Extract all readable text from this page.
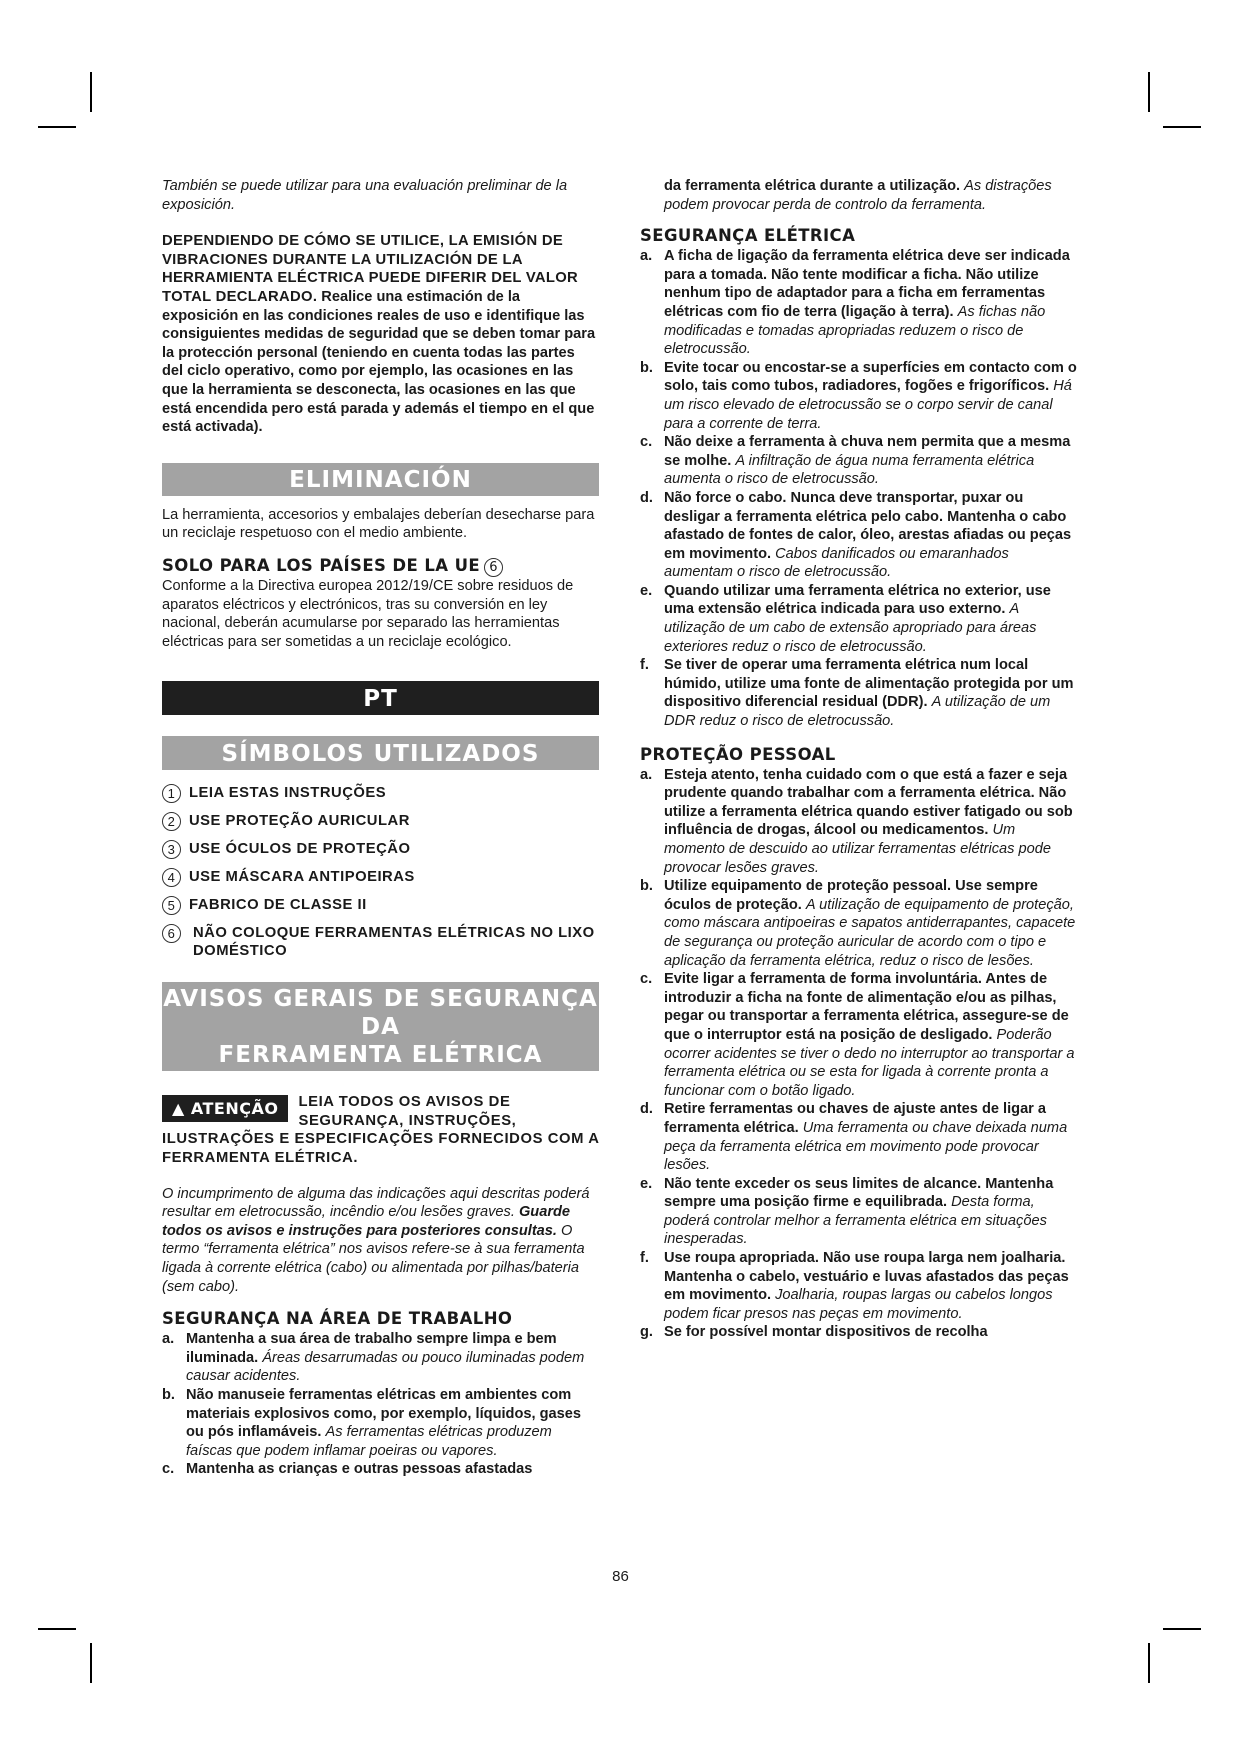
También se puede utilizar para una evaluación preliminar de la exposición.

DEPENDIENDO DE CÓMO SE UTILICE, LA EMISIÓN DE VIBRACIONES DURANTE LA UTILIZACIÓN DE LA HERRAMIENTA ELÉCTRICA PUEDE DIFERIR DEL VALOR TOTAL DECLARADO. Realice una estimación de la exposición en las condiciones reales de uso e identifique las consiguientes medidas de seguridad que se deben tomar para la protección personal (teniendo en cuenta todas las partes del ciclo operativo, como por ejemplo, las ocasiones en las que la herramienta se desconecta, las ocasiones en las que está encendida pero está parada y además el tiempo en el que está activada).

ELIMINACIÓN

La herramienta, accesorios y embalajes deberían desecharse para un reciclaje respetuoso con el medio ambiente.

SOLO PARA LOS PAÍSES DE LA UE 6

Conforme a la Directiva europea 2012/19/CE sobre residuos de aparatos eléctricos y electrónicos, tras su conversión en ley nacional, deberán acumularse por separado las herramientas eléctricas para ser sometidas a un reciclaje ecológico.

PT
SÍMBOLOS UTILIZADOS
1 LEIA ESTAS INSTRUÇÕES
2 USE PROTEÇÃO AURICULAR
3 USE ÓCULOS DE PROTEÇÃO
4 USE MÁSCARA ANTIPOEIRAS
5 FABRICO DE CLASSE II
6	NÃO COLOQUE FERRAMENTAS ELÉTRICAS NO LIXO DOMÉSTICO
AVISOS GERAIS DE SEGURANÇA DA
FERRAMENTA ELÉTRICA
▲ ATENÇÃO	LEIA TODOS OS AVISOS DE SEGURANÇA, INSTRUÇÕES, ILUSTRAÇÕES E ESPECIFICAÇÕES FORNECIDOS COM A FERRAMENTA ELÉTRICA.

O incumprimento de alguma das indicações aqui descritas poderá resultar em eletrocussão, incêndio e/ou lesões graves. Guarde todos os avisos e instruções para posteriores consultas. O termo “ferramenta elétrica” nos avisos refere-se à sua ferramenta ligada à corrente elétrica (cabo) ou alimentada por pilhas/bateria (sem cabo).

SEGURANÇA NA ÁREA DE TRABALHO
a. Mantenha a sua área de trabalho sempre limpa e bem iluminada. Áreas desarrumadas ou pouco iluminadas podem causar acidentes.
b. Não manuseie ferramentas elétricas em ambientes com materiais explosivos como, por exemplo, líquidos, gases ou pós inflamáveis. As ferramentas elétricas produzem faíscas que podem inflamar poeiras ou vapores.
c. Mantenha as crianças e outras pessoas afastadas

da ferramenta elétrica durante a utilização. As distrações podem provocar perda de controlo da ferramenta.

SEGURANÇA ELÉTRICA
a. A ficha de ligação da ferramenta elétrica deve ser indicada para a tomada. Não tente modificar a ficha. Não utilize nenhum tipo de adaptador para a ficha em ferramentas elétricas com fio de terra (ligação à terra). As fichas não modificadas e tomadas apropriadas reduzem o risco de eletrocussão.
b. Evite tocar ou encostar-se a superfícies em contacto com o solo, tais como tubos, radiadores, fogões e frigoríficos. Há um risco elevado de eletrocussão se o corpo servir de canal para a corrente de terra.
c. Não deixe a ferramenta à chuva nem permita que a mesma se molhe. A infiltração de água numa ferramenta elétrica aumenta o risco de eletrocussão.
d. Não force o cabo. Nunca deve transportar, puxar ou desligar a ferramenta elétrica pelo cabo. Mantenha o cabo afastado de fontes de calor, óleo, arestas afiadas ou peças em movimento. Cabos danificados ou emaranhados aumentam o risco de eletrocussão.
e. Quando utilizar uma ferramenta elétrica no exterior, use uma extensão elétrica indicada para uso externo. A utilização de um cabo de extensão apropriado para áreas exteriores reduz o risco de eletrocussão.
f.	Se tiver de operar uma ferramenta elétrica num local húmido, utilize uma fonte de alimentação protegida por um dispositivo diferencial residual (DDR). A utilização de um DDR reduz o risco de eletrocussão.
PROTEÇÃO PESSOAL
a. Esteja atento, tenha cuidado com o que está a fazer e seja prudente quando trabalhar com a ferramenta elétrica. Não utilize a ferramenta elétrica quando estiver fatigado ou sob influência de drogas, álcool ou medicamentos. Um momento de descuido ao utilizar ferramentas elétricas pode provocar lesões graves.
b. Utilize equipamento de proteção pessoal. Use sempre óculos de proteção. A utilização de equipamento de proteção, como máscara antipoeiras e sapatos antiderrapantes, capacete de segurança ou proteção auricular de acordo com o tipo e aplicação da ferramenta elétrica, reduz o risco de lesões.
c. Evite ligar a ferramenta de forma involuntária. Antes de introduzir a ficha na fonte de alimentação e/ou as pilhas, pegar ou transportar a ferramenta elétrica, assegure-se de que o interruptor está na posição de desligado. Poderão ocorrer acidentes se tiver o dedo no interruptor ao transportar a ferramenta elétrica ou se esta for ligada à corrente pronta a funcionar com o botão ligado.
d. Retire ferramentas ou chaves de ajuste antes de ligar a ferramenta elétrica. Uma ferramenta ou chave deixada numa peça da ferramenta elétrica em movimento pode provocar lesões.
e. Não tente exceder os seus limites de alcance. Mantenha sempre uma posição firme e equilibrada. Desta forma, poderá controlar melhor a ferramenta elétrica em situações inesperadas.
f.	Use roupa apropriada. Não use roupa larga nem joalharia. Mantenha o cabelo, vestuário e luvas afastados das peças em movimento. Joalharia, roupas largas ou cabelos longos podem ficar presos nas peças em movimento.
g. Se for possível montar dispositivos de recolha
86
